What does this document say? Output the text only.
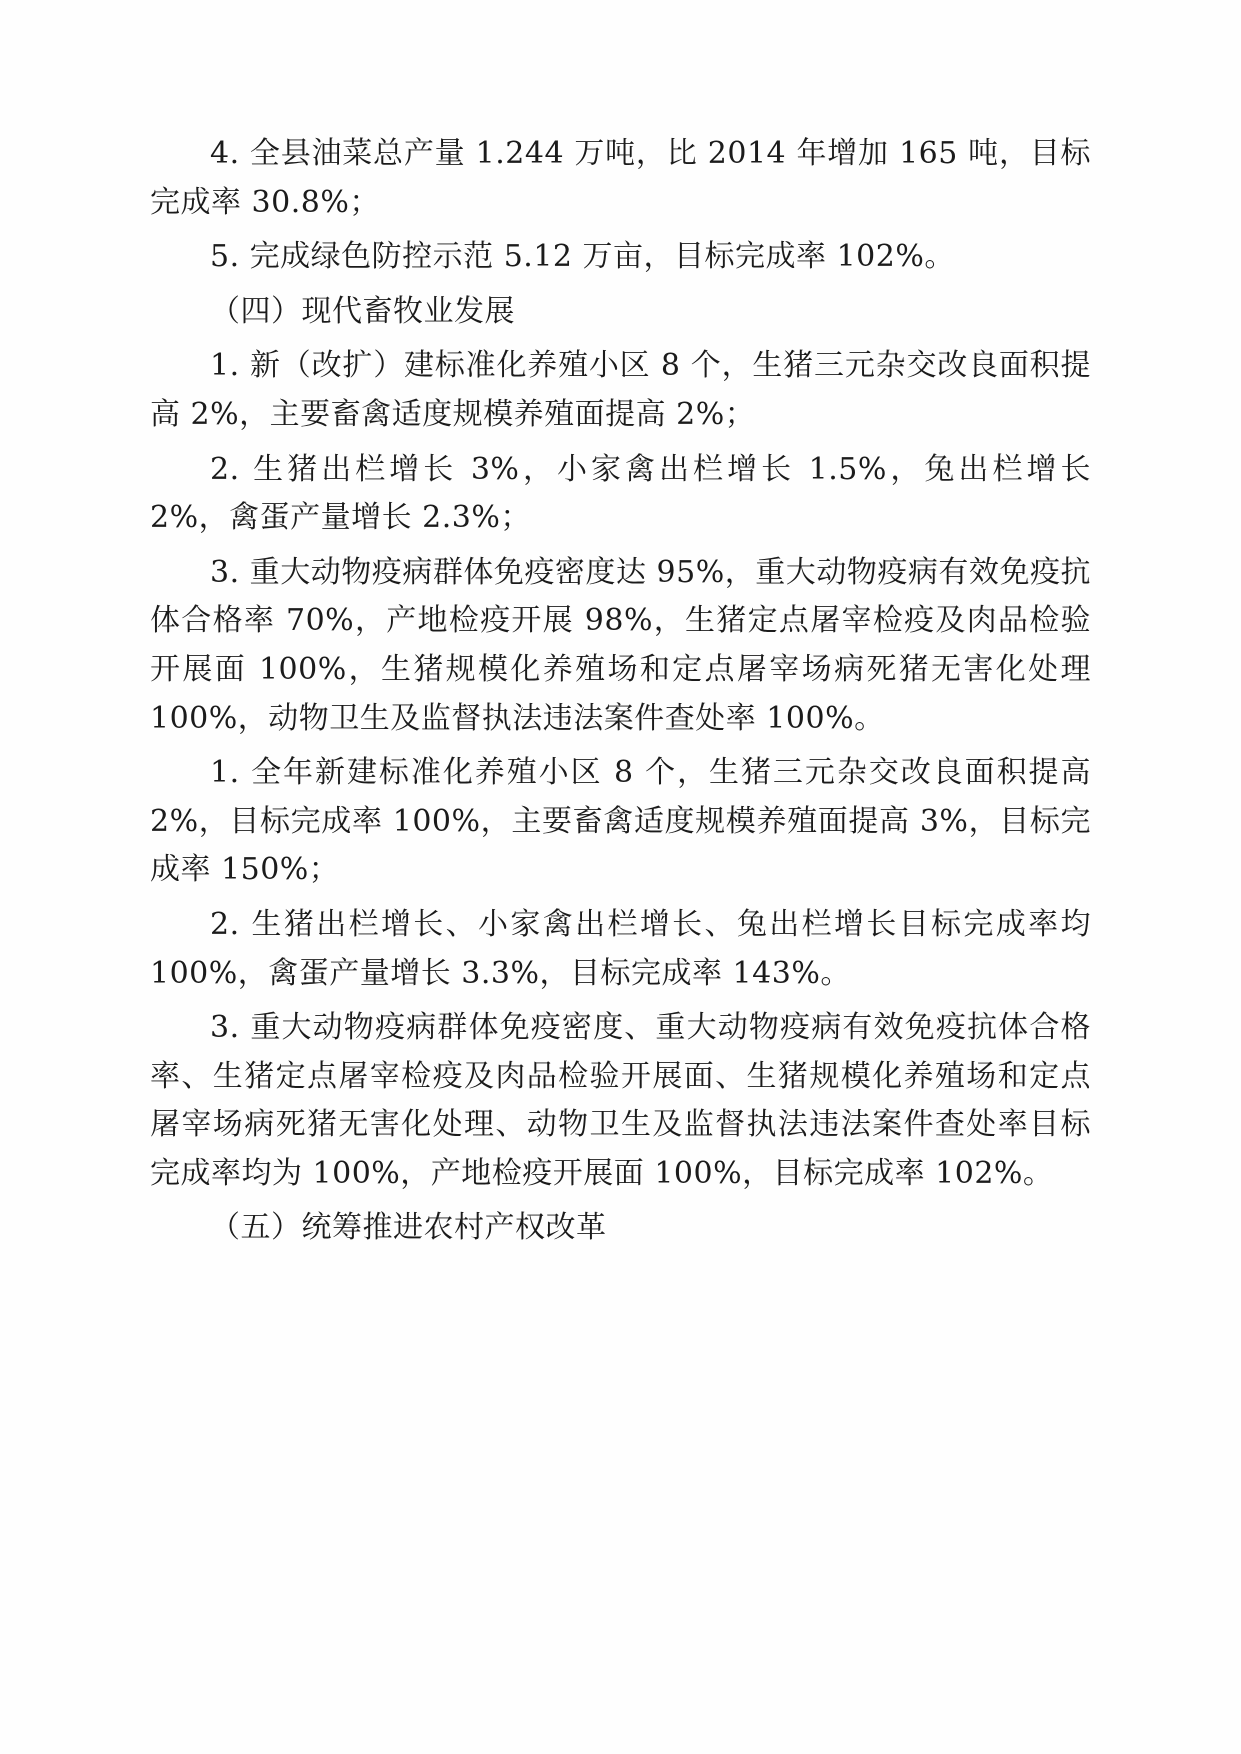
4. 全县油菜总产量 1.244 万吨，比 2014 年增加 165 吨，目标完成率 30.8%；

5. 完成绿色防控示范 5.12 万亩，目标完成率 102%。

（四）现代畜牧业发展

1. 新（改扩）建标准化养殖小区 8 个，生猪三元杂交改良面积提高 2%，主要畜禽适度规模养殖面提高 2%；

2. 生猪出栏增长 3%，小家禽出栏增长 1.5%，兔出栏增长 2%，禽蛋产量增长 2.3%；

3. 重大动物疫病群体免疫密度达 95%，重大动物疫病有效免疫抗体合格率 70%，产地检疫开展 98%，生猪定点屠宰检疫及肉品检验开展面 100%，生猪规模化养殖场和定点屠宰场病死猪无害化处理 100%，动物卫生及监督执法违法案件查处率 100%。

1. 全年新建标准化养殖小区 8 个，生猪三元杂交改良面积提高 2%，目标完成率 100%，主要畜禽适度规模养殖面提高 3%，目标完成率 150%；

2. 生猪出栏增长、小家禽出栏增长、兔出栏增长目标完成率均 100%，禽蛋产量增长 3.3%，目标完成率 143%。

3. 重大动物疫病群体免疫密度、重大动物疫病有效免疫抗体合格率、生猪定点屠宰检疫及肉品检验开展面、生猪规模化养殖场和定点屠宰场病死猪无害化处理、动物卫生及监督执法违法案件查处率目标完成率均为 100%，产地检疫开展面 100%，目标完成率 102%。

（五）统筹推进农村产权改革
